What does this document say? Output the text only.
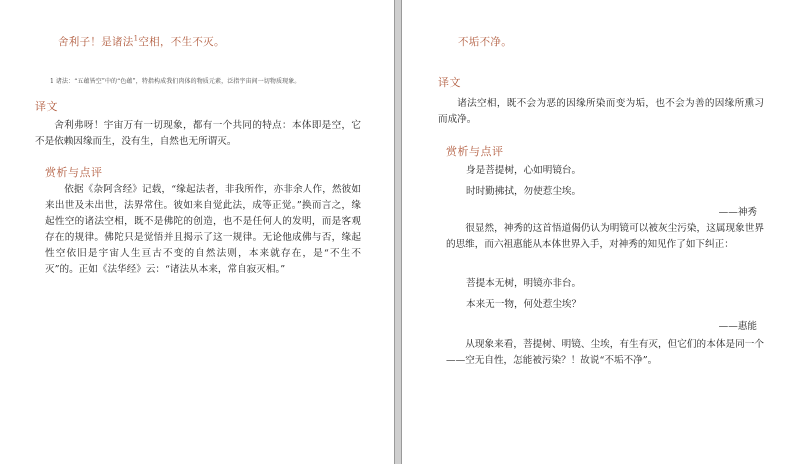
舍利子！是诸法$^1$空相，不生不灭。
1 诸法：“五蕴皆空”中的“色蕴”，特指构成我们肉体的物质元素，泛指宇宙间一切物质现象。
译文
舍利弗呀！宇宙万有一切现象，都有一个共同的特点：本体即是空，它不是依赖因缘而生，没有生，自然也无所谓灭。
赏析与点评
依据《杂阿含经》记载，“缘起法者，非我所作，亦非余人作，然彼如来出世及未出世，法界常住。彼如来自觉此法，成等正觉。”换而言之，缘起性空的诸法空相，既不是佛陀的创造，也不是任何人的发明，而是客观存在的规律。佛陀只是觉悟并且揭示了这一规律。无论他成佛与否，缘起性空依旧是宇宙人生亘古不变的自然法则，本来就存在，是“不生不灭”的。正如《法华经》云：“诸法从本来，常自寂灭相。”
不垢不净。
译文
诸法空相，既不会为恶的因缘所染而变为垢，也不会为善的因缘所熏习而成净。
赏析与点评
身是菩提树，心如明镜台。
时时勤拂拭，勿使惹尘埃。
——神秀
很显然，神秀的这首悟道偈仍认为明镜可以被灰尘污染，这属现象世界的思维，而六祖惠能从本体世界入手，对神秀的知见作了如下纠正：
菩提本无树，明镜亦非台。
本来无一物，何处惹尘埃？
——惠能
从现象来看，菩提树、明镜、尘埃，有生有灭，但它们的本体是同一个——空无自性，怎能被污染？！故说“不垢不净”。
